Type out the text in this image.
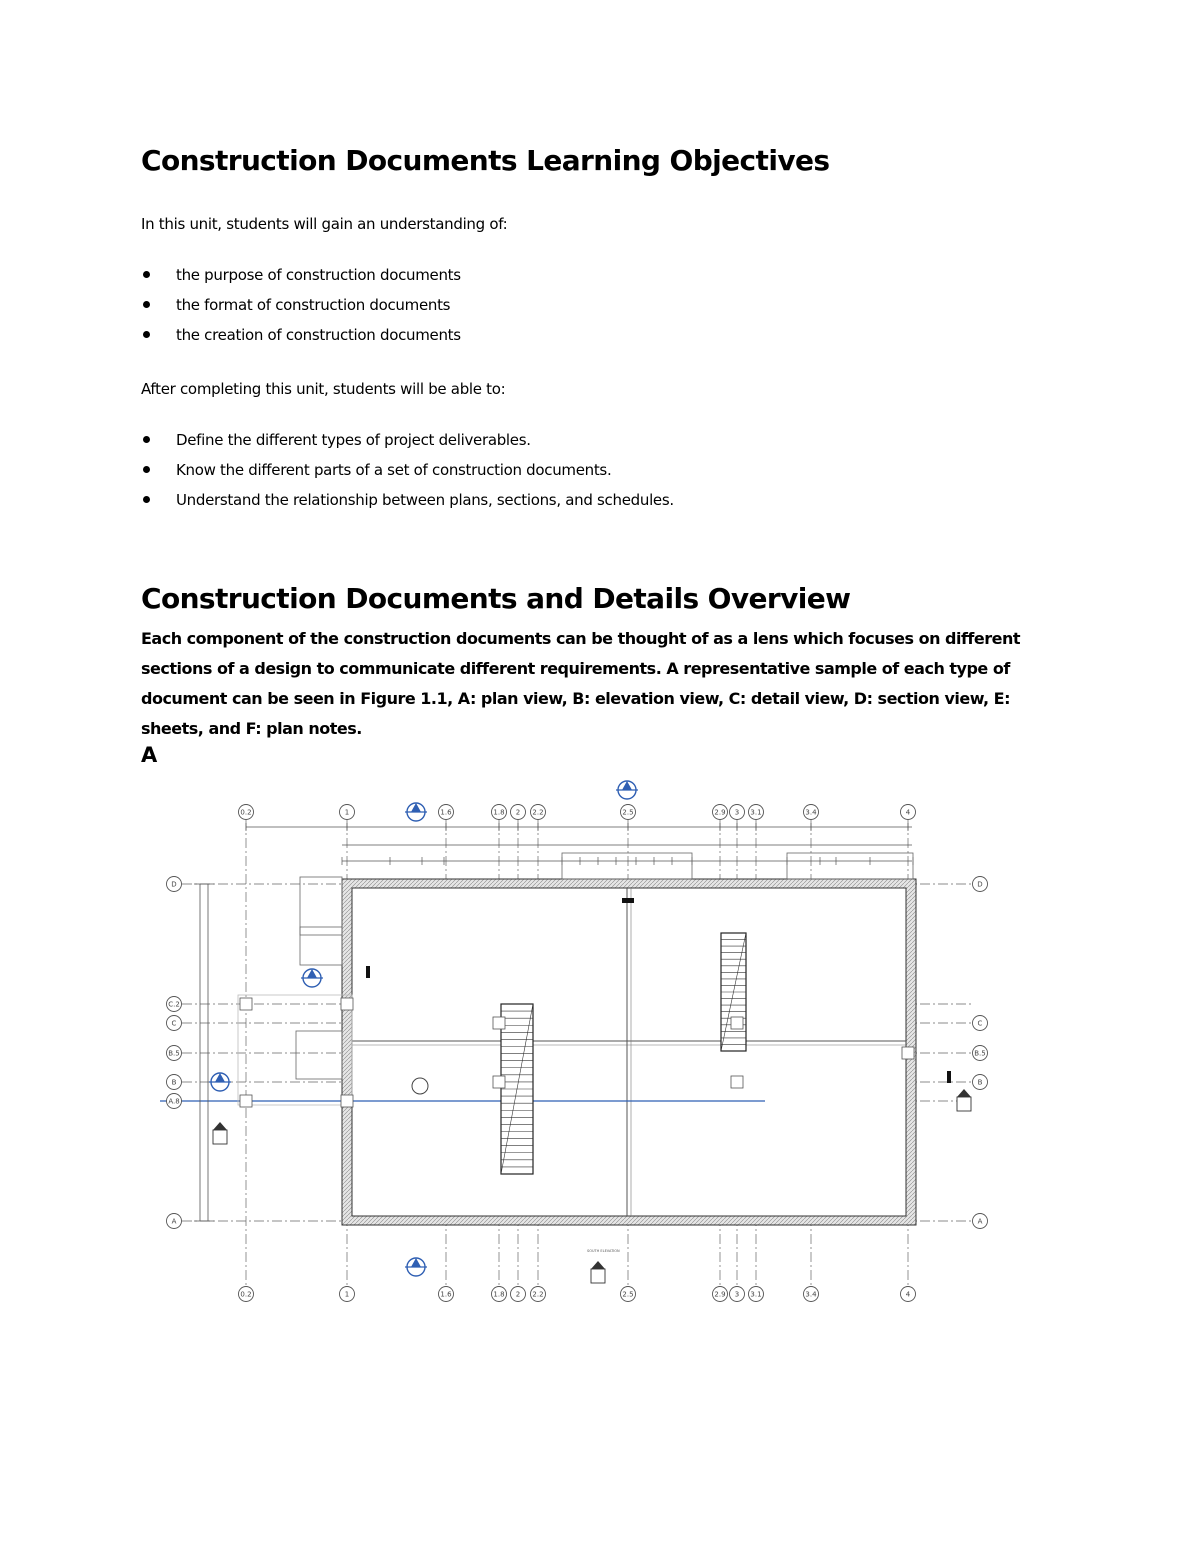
Construction Documents Learning Objectives

In this unit, students will gain an understanding of:

the purpose of construction documents
the format of construction documents
the creation of construction documents

After completing this unit, students will be able to:

Define the different types of project deliverables.
Know the different parts of a set of construction documents.
Understand the relationship between plans, sections, and schedules.
Construction Documents and Details Overview

Each component of the construction documents can be thought of as a lens which focuses on different sections of a design to communicate different requirements. A representative sample of each type of document can be seen in Figure 1.1, A: plan view, B: elevation view, C: detail view, D: section view, E: sheets, and F: plan notes.

A

SOUTH ELEVATION
0.2
0.2
1
1
1.6
1.6
1.8
1.8
2
2
2.2
2.2
2.5
2.5
2.9
2.9
3
3
3.1
3.1
3.4
3.4
4
4
D
C.2
C
B.5
B
A.8
A
D
C
B.5
B
A
